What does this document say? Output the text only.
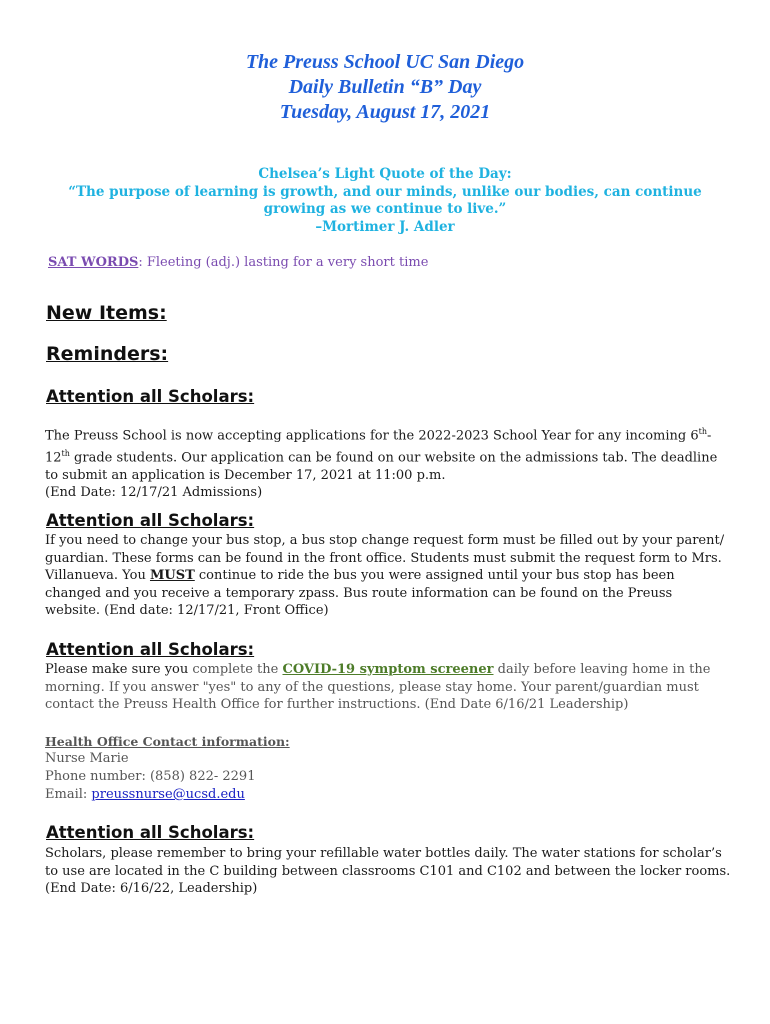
The Preuss School UC San Diego
Daily Bulletin “B” Day
Tuesday, August 17, 2021
Chelsea’s Light Quote of the Day:
“The purpose of learning is growth, and our minds, unlike our bodies, can continue
growing as we continue to live.”
–Mortimer J. Adler
SAT WORDS: Fleeting (adj.) lasting for a very short time
New Items:
Reminders:
Attention all Scholars:
The Preuss School is now accepting applications for the 2022-2023 School Year for any incoming 6th-
12th grade students. Our application can be found on our website on the admissions tab. The deadline
to submit an application is December 17, 2021 at 11:00 p.m.
(End Date: 12/17/21 Admissions)
Attention all Scholars:
If you need to change your bus stop, a bus stop change request form must be filled out by your parent/
guardian. These forms can be found in the front office. Students must submit the request form to Mrs.
Villanueva. You MUST continue to ride the bus you were assigned until your bus stop has been
changed and you receive a temporary zpass. Bus route information can be found on the Preuss
website. (End date: 12/17/21, Front Office)
Attention all Scholars:
Please make sure you complete the COVID-19 symptom screener daily before leaving home in the
morning. If you answer "yes" to any of the questions, please stay home. Your parent/guardian must
contact the Preuss Health Office for further instructions. (End Date 6/16/21 Leadership)
Health Office Contact information:
Nurse Marie
Phone number: (858) 822- 2291
Email: preussnurse@ucsd.edu
Attention all Scholars:
Scholars, please remember to bring your refillable water bottles daily. The water stations for scholar’s
to use are located in the C building between classrooms C101 and C102 and between the locker rooms.
(End Date: 6/16/22, Leadership)
